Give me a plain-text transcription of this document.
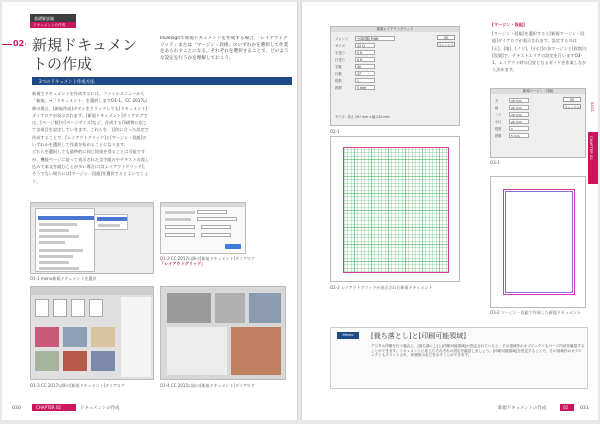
基礎解説編
ドキュメントの作成
02 新規ドキュメントの作成
InDesignで新規ドキュメントを作成する場合、「レイアウトグリッド」または「マージン・段組」のいずれかを選択して作業をあらわすことになる。それぞれを選択することで、どのような設定を行うかを理解しておこう。
2つのドキュメント作成方法
新規でドキュメントを作成するには、ファイルメニューから「新規」→「ドキュメント」を選択しますO1-1。CC 2017以降の場合、[新規作成]ボタンをクリックしても[ドキュメント]ダイアログが表示されます。[新規ドキュメント]ダイアログでは、[ページ数]や[ページサイズ]など、作成する印刷物に応じて各項目を設定していきます。これらを、目的に合った設定で作成することで、[レイアウトグリッド]と[マージン・段組]のいずれかを選択して作業を始めることになります。
どちらを選択しても最終的に同じ結果を得ることは可能ですが、機能ページに従って表示された文字組みやテキストの流し込みで本文を組むことが多い場合には[レイアウトグリッド]、そうでない場合には[マージン・段組]を選択するとよいでしょう。
「レイアウトグリッド」
O1-1 menu新規ドキュメントを選択
O1-3 CC 2017以降の[新規ドキュメント]ダイアログ
O1-2 CC 2017以降の[新規ドキュメント]ダイアログ
O1-4 CC 2015以前の[新規ドキュメント]ダイアログ
030	CHAPTER 02	ドキュメントの作成
新規レイアウトグリッド
フォント
サイズ
字送り
行送り
字数
行数
段数
段間
小塚明朝 Pr6N
13 Q
0 H
0 H
40
37
1
5 mm
サイズ：高さ 297 mm x 幅 210 mm
OK
キャンセル
O2-1
O2-2 レイアウトグリッドが表示された新規ドキュメント
[マージン・段組]
[マージン・段組]を選択すると[新規マージン・段組]ダイアログが表示されます。設定するのは[天]、[地]、[ノド]、[小口]の各マージンと[段数]と[段間]で、テキストエリアの設定を行いますO3-1。レイアウト時の目安となるガイドを作業しながら決めます。
新規マージン・段組
天
地
ノド
小口
段数
段間
20 mm
20 mm
20 mm
20 mm
1
5 mm
OK
キャンセル
O3-1
O3-2 マージン・段組で作成した新規ドキュメント
CHAPTER 02
BASIC
Memo	[裁ち落とし]と[印刷可能領域]
デジタル印刷を行う場合に、[裁ち落とし]と[印刷可能領域]が設定されていると、その領域外のオブジェクトもページ内部を確認することができます。ドキュメントに応じたそれぞれの設定を確認しましょう。[印刷可能領域]を設定することで、その領域内のオブジェクトもプリントされ、印刷指示などを示すことができます。
新規ドキュメントの作成	02	031
